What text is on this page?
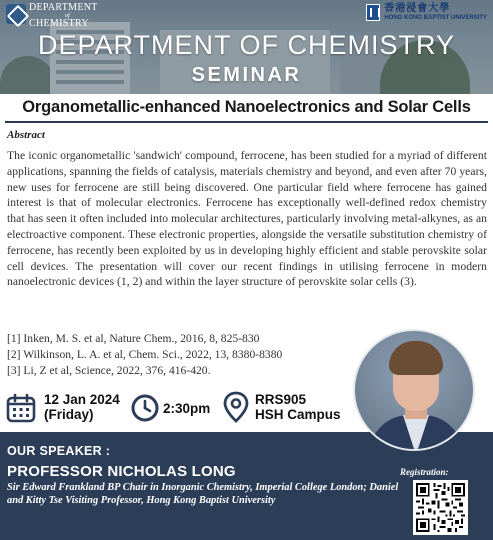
DEPARTMENT
of
CHEMISTRY
香港浸會大學
HONG KONG BAPTIST UNIVERSITY
DEPARTMENT OF CHEMISTRY
SEMINAR
Organometallic-enhanced Nanoelectronics and Solar Cells
Abstract

The iconic organometallic 'sandwich' compound, ferrocene, has been studied for a myriad of different applications, spanning the fields of catalysis, materials chemistry and beyond, and even after 70 years, new uses for ferrocene are still being discovered. One particular field where ferrocene has gained interest is that of molecular electronics. Ferrocene has exceptionally well-defined redox chemistry that has seen it often included into molecular architectures, particularly involving metal-alkynes, as an electroactive component. These electronic properties, alongside the versatile substitution chemistry of ferrocene, has recently been exploited by us in developing highly efficient and stable perovskite solar cell devices. The presentation will cover our recent findings in utilising ferrocene in modern nanoelectronic devices (1, 2) and within the layer structure of perovskite solar cells (3).

[1] Inken, M. S. et al, Nature Chem., 2016, 8, 825-830
[2] Wilkinson, L. A. et al, Chem. Sci., 2022, 13, 8380-8380
[3] Li, Z et al, Science, 2022, 376, 416-420.
12 Jan 2024
(Friday)	2:30pm
RRS905
HSH Campus
OUR SPEAKER :
PROFESSOR NICHOLAS LONG
Sir Edward Frankland BP Chair in Inorganic Chemistry, Imperial College London; Daniel and Kitty Tse Visiting Professor, Hong Kong Baptist University
Registration:
